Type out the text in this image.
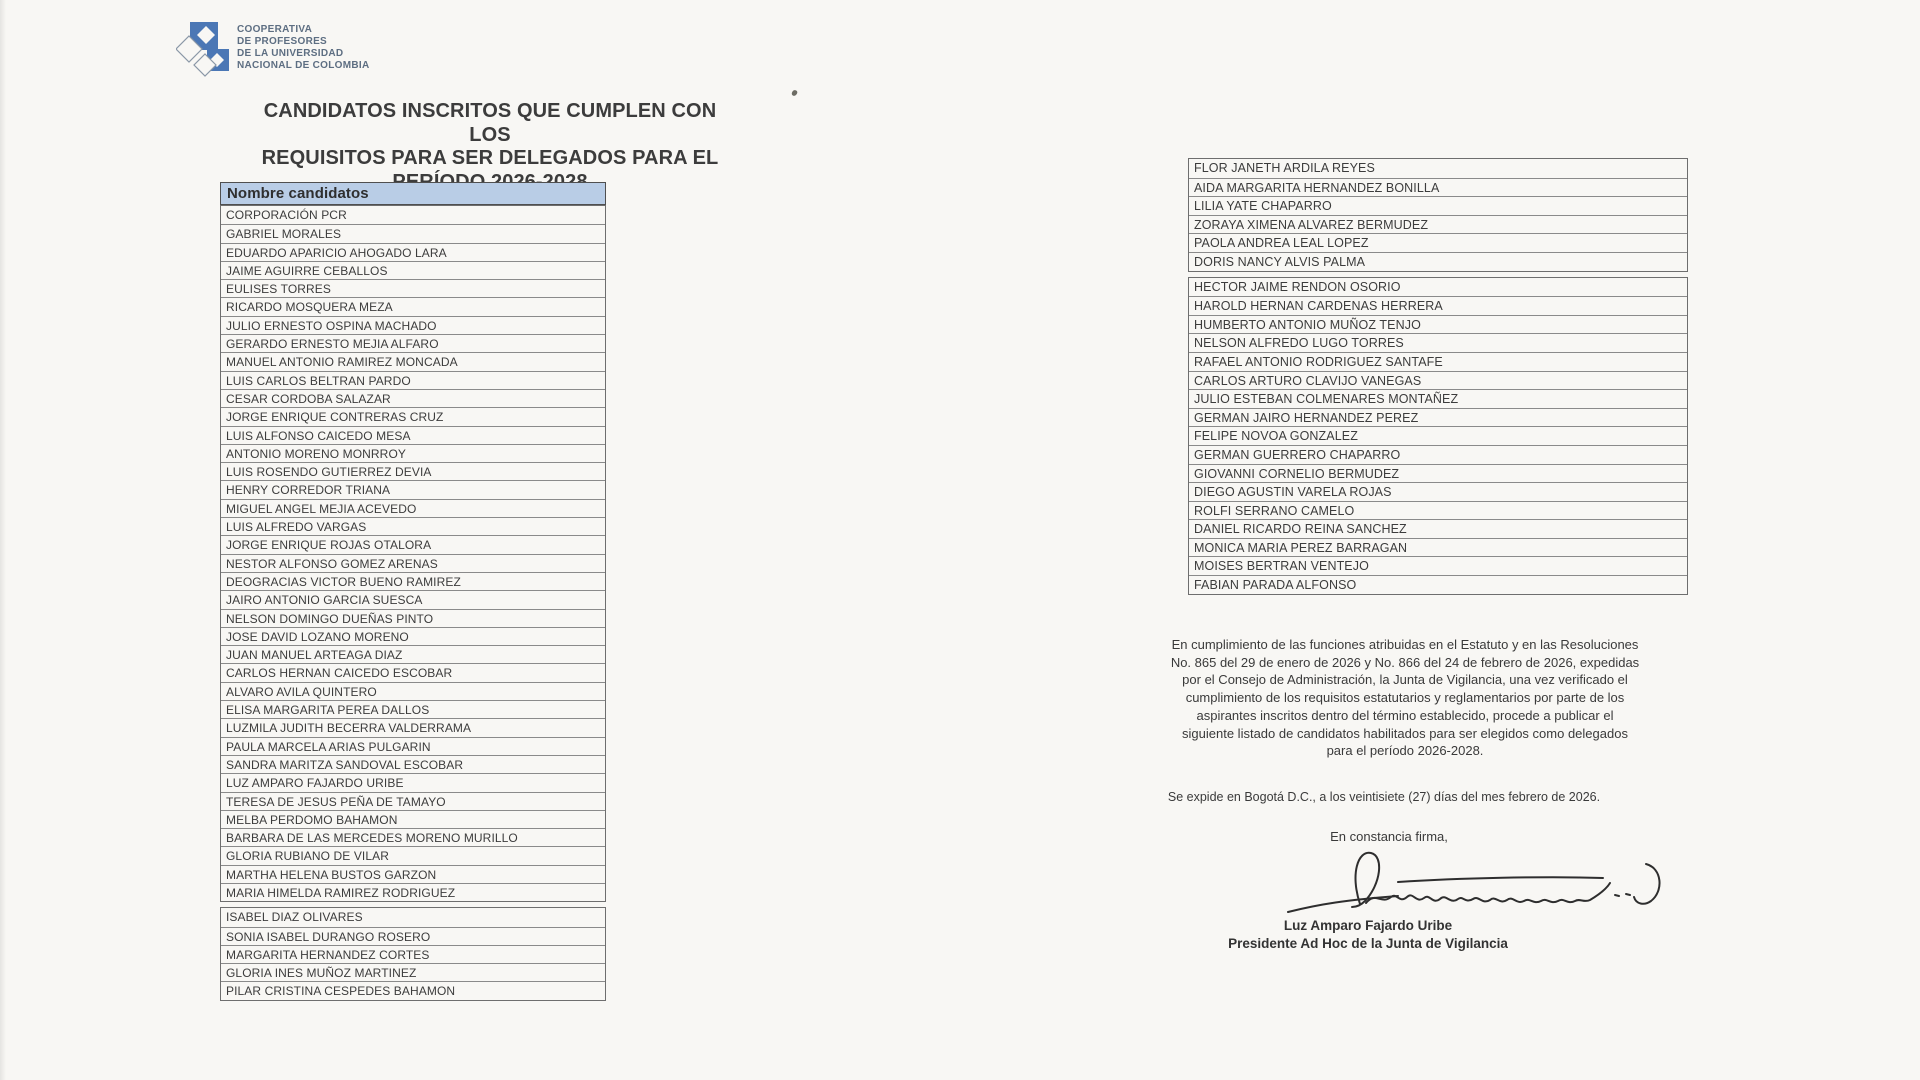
COOPERATIVA
DE PROFESORES
DE LA UNIVERSIDAD
NACIONAL DE COLOMBIA
CANDIDATOS INSCRITOS QUE CUMPLEN CON LOS
REQUISITOS PARA SER DELEGADOS PARA EL
Nombre candidatos
CORPORACIÓN PCR
GABRIEL MORALES
EDUARDO APARICIO AHOGADO LARA
JAIME AGUIRRE CEBALLOS
EULISES TORRES
RICARDO MOSQUERA MEZA
JULIO ERNESTO OSPINA MACHADO
GERARDO ERNESTO MEJIA ALFARO
MANUEL ANTONIO RAMIREZ MONCADA
LUIS CARLOS BELTRAN PARDO
CESAR CORDOBA SALAZAR
JORGE ENRIQUE CONTRERAS CRUZ
LUIS ALFONSO CAICEDO MESA
ANTONIO MORENO MONRROY
LUIS ROSENDO GUTIERREZ DEVIA
HENRY CORREDOR TRIANA
MIGUEL ANGEL MEJIA ACEVEDO
LUIS ALFREDO VARGAS
JORGE ENRIQUE ROJAS OTALORA
NESTOR ALFONSO GOMEZ ARENAS
DEOGRACIAS VICTOR BUENO RAMIREZ
JAIRO ANTONIO GARCIA SUESCA
NELSON DOMINGO DUEÑAS PINTO
JOSE DAVID LOZANO MORENO
JUAN MANUEL ARTEAGA DIAZ
CARLOS HERNAN CAICEDO ESCOBAR
ALVARO AVILA QUINTERO
ELISA MARGARITA PEREA DALLOS
LUZMILA JUDITH BECERRA VALDERRAMA
PAULA MARCELA ARIAS PULGARIN
SANDRA MARITZA SANDOVAL ESCOBAR
LUZ AMPARO FAJARDO URIBE
TERESA DE JESUS PEÑA DE TAMAYO
MELBA PERDOMO BAHAMON
BARBARA DE LAS MERCEDES MORENO MURILLO
GLORIA RUBIANO DE VILAR
MARTHA HELENA BUSTOS GARZON
MARIA HIMELDA RAMIREZ RODRIGUEZ
ISABEL DIAZ OLIVARES
SONIA ISABEL DURANGO ROSERO
MARGARITA HERNANDEZ CORTES
GLORIA INES MUÑOZ MARTINEZ
PILAR CRISTINA CESPEDES BAHAMON
FLOR JANETH ARDILA REYES
AIDA MARGARITA HERNANDEZ BONILLA
LILIA YATE CHAPARRO
ZORAYA XIMENA ALVAREZ BERMUDEZ
PAOLA ANDREA LEAL LOPEZ
DORIS NANCY ALVIS PALMA
HECTOR JAIME RENDON OSORIO
HAROLD HERNAN CARDENAS HERRERA
HUMBERTO ANTONIO MUÑOZ TENJO
NELSON ALFREDO LUGO TORRES
RAFAEL ANTONIO RODRIGUEZ SANTAFE
CARLOS ARTURO CLAVIJO VANEGAS
JULIO ESTEBAN COLMENARES MONTAÑEZ
GERMAN JAIRO HERNANDEZ PEREZ
FELIPE NOVOA GONZALEZ
GERMAN GUERRERO CHAPARRO
GIOVANNI CORNELIO BERMUDEZ
DIEGO AGUSTIN VARELA ROJAS
ROLFI SERRANO CAMELO
DANIEL RICARDO REINA SANCHEZ
MONICA MARIA PEREZ BARRAGAN
MOISES BERTRAN VENTEJO
FABIAN PARADA ALFONSO
En cumplimiento de las funciones atribuidas en el Estatuto y en las Resoluciones
No. 865 del 29 de enero de 2026 y No. 866 del 24 de febrero de 2026, expedidas
por el Consejo de Administración, la Junta de Vigilancia, una vez verificado el
cumplimiento de los requisitos estatutarios y reglamentarios por parte de los
aspirantes inscritos dentro del término establecido, procede a publicar el
siguiente listado de candidatos habilitados para ser elegidos como delegados
para el período 2026-2028.
Se expide en Bogotá D.C., a los veintisiete (27) días del mes febrero de 2026.
En constancia firma,
Luz Amparo Fajardo Uribe
Presidente Ad Hoc de la Junta de Vigilancia
